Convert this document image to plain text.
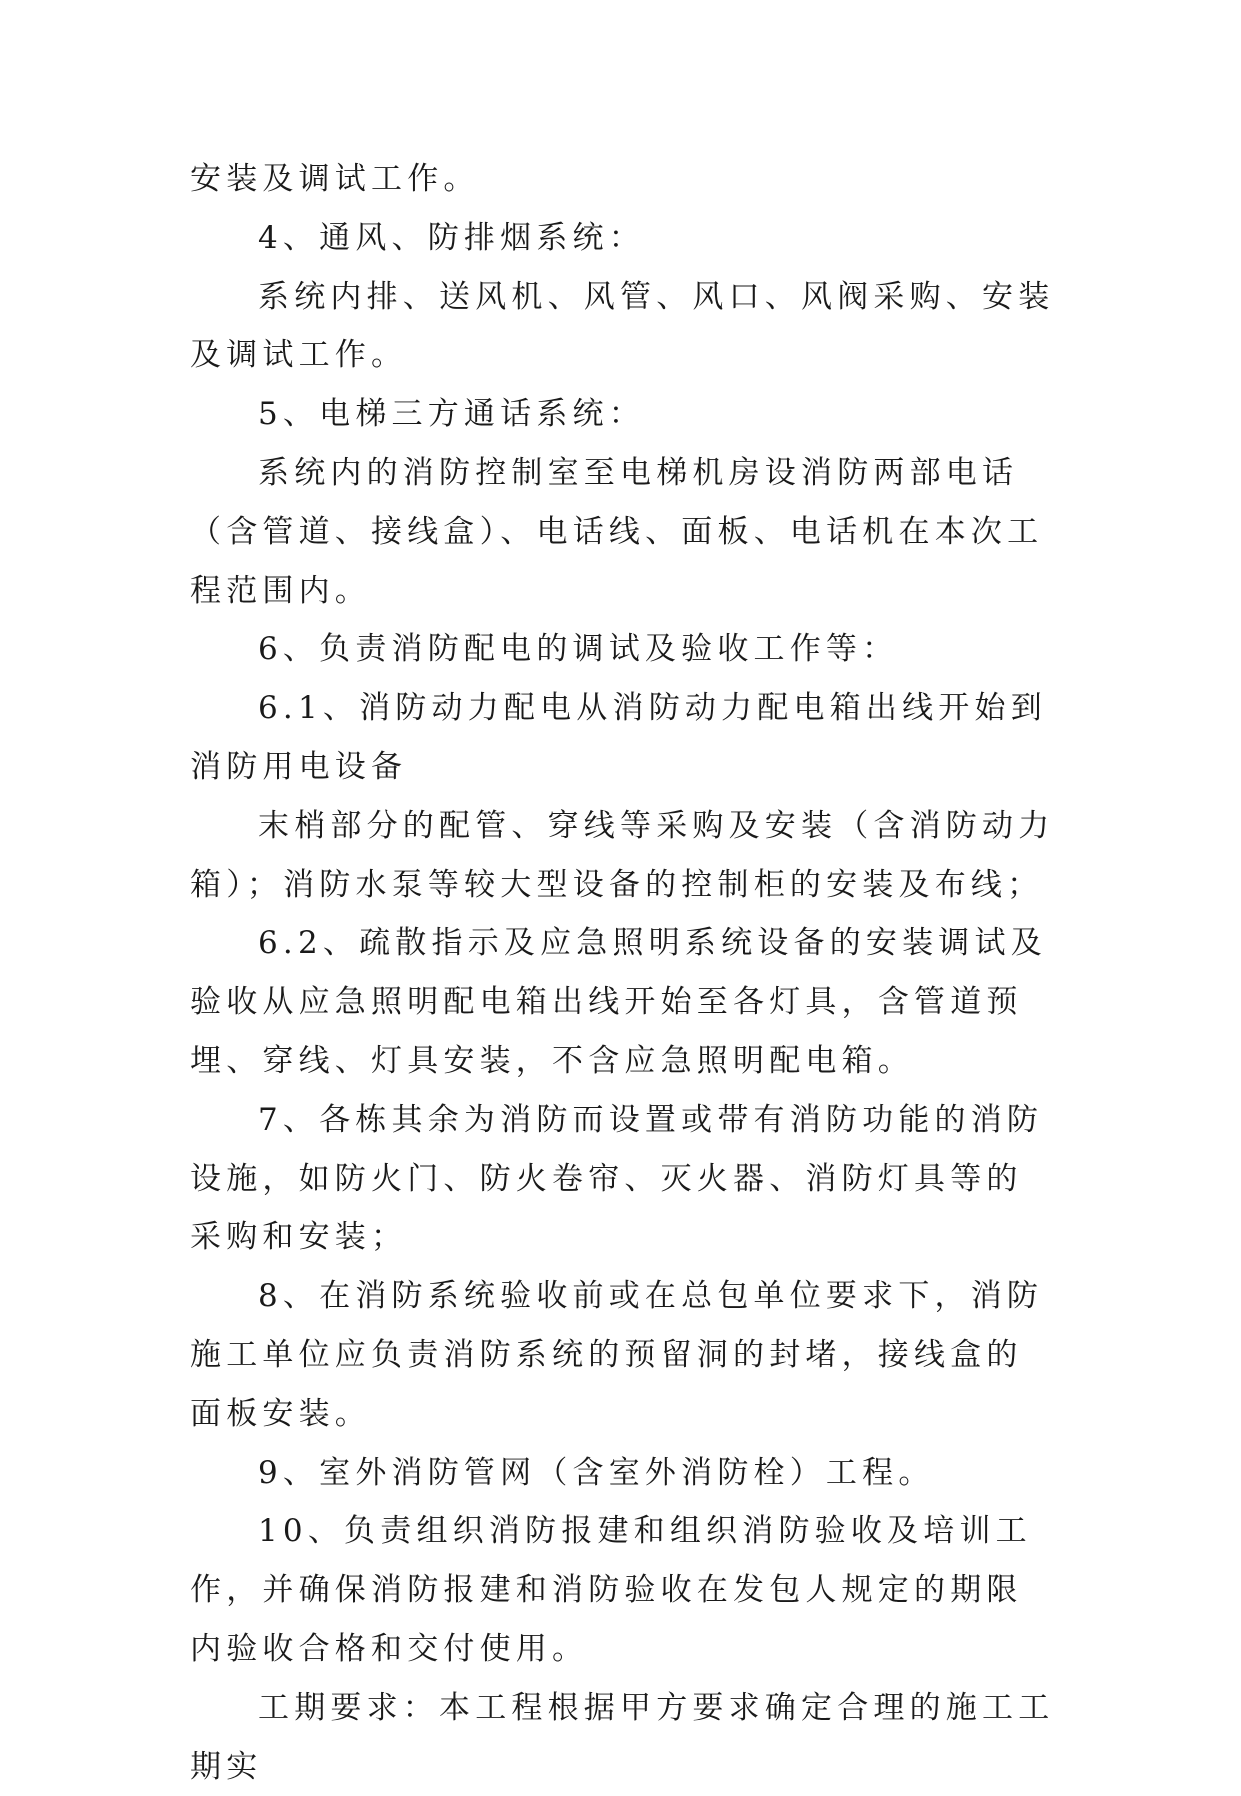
安装及调试工作。

4、通风、防排烟系统：

系统内排、送风机、风管、风口、风阀采购、安装及调试工作。

5、电梯三方通话系统：

系统内的消防控制室至电梯机房设消防两部电话（含管道、接线盒）、电话线、面板、电话机在本次工程范围内。

6、负责消防配电的调试及验收工作等：

6.1、消防动力配电从消防动力配电箱出线开始到消防用电设备

末梢部分的配管、穿线等采购及安装（含消防动力箱）；消防水泵等较大型设备的控制柜的安装及布线；

6.2、疏散指示及应急照明系统设备的安装调试及验收从应急照明配电箱出线开始至各灯具，含管道预埋、穿线、灯具安装，不含应急照明配电箱。

7、各栋其余为消防而设置或带有消防功能的消防设施，如防火门、防火卷帘、灭火器、消防灯具等的采购和安装；

8、在消防系统验收前或在总包单位要求下，消防施工单位应负责消防系统的预留洞的封堵，接线盒的面板安装。

9、室外消防管网（含室外消防栓）工程。

10、负责组织消防报建和组织消防验收及培训工作，并确保消防报建和消防验收在发包人规定的期限内验收合格和交付使用。

工期要求：本工程根据甲方要求确定合理的施工工期实
